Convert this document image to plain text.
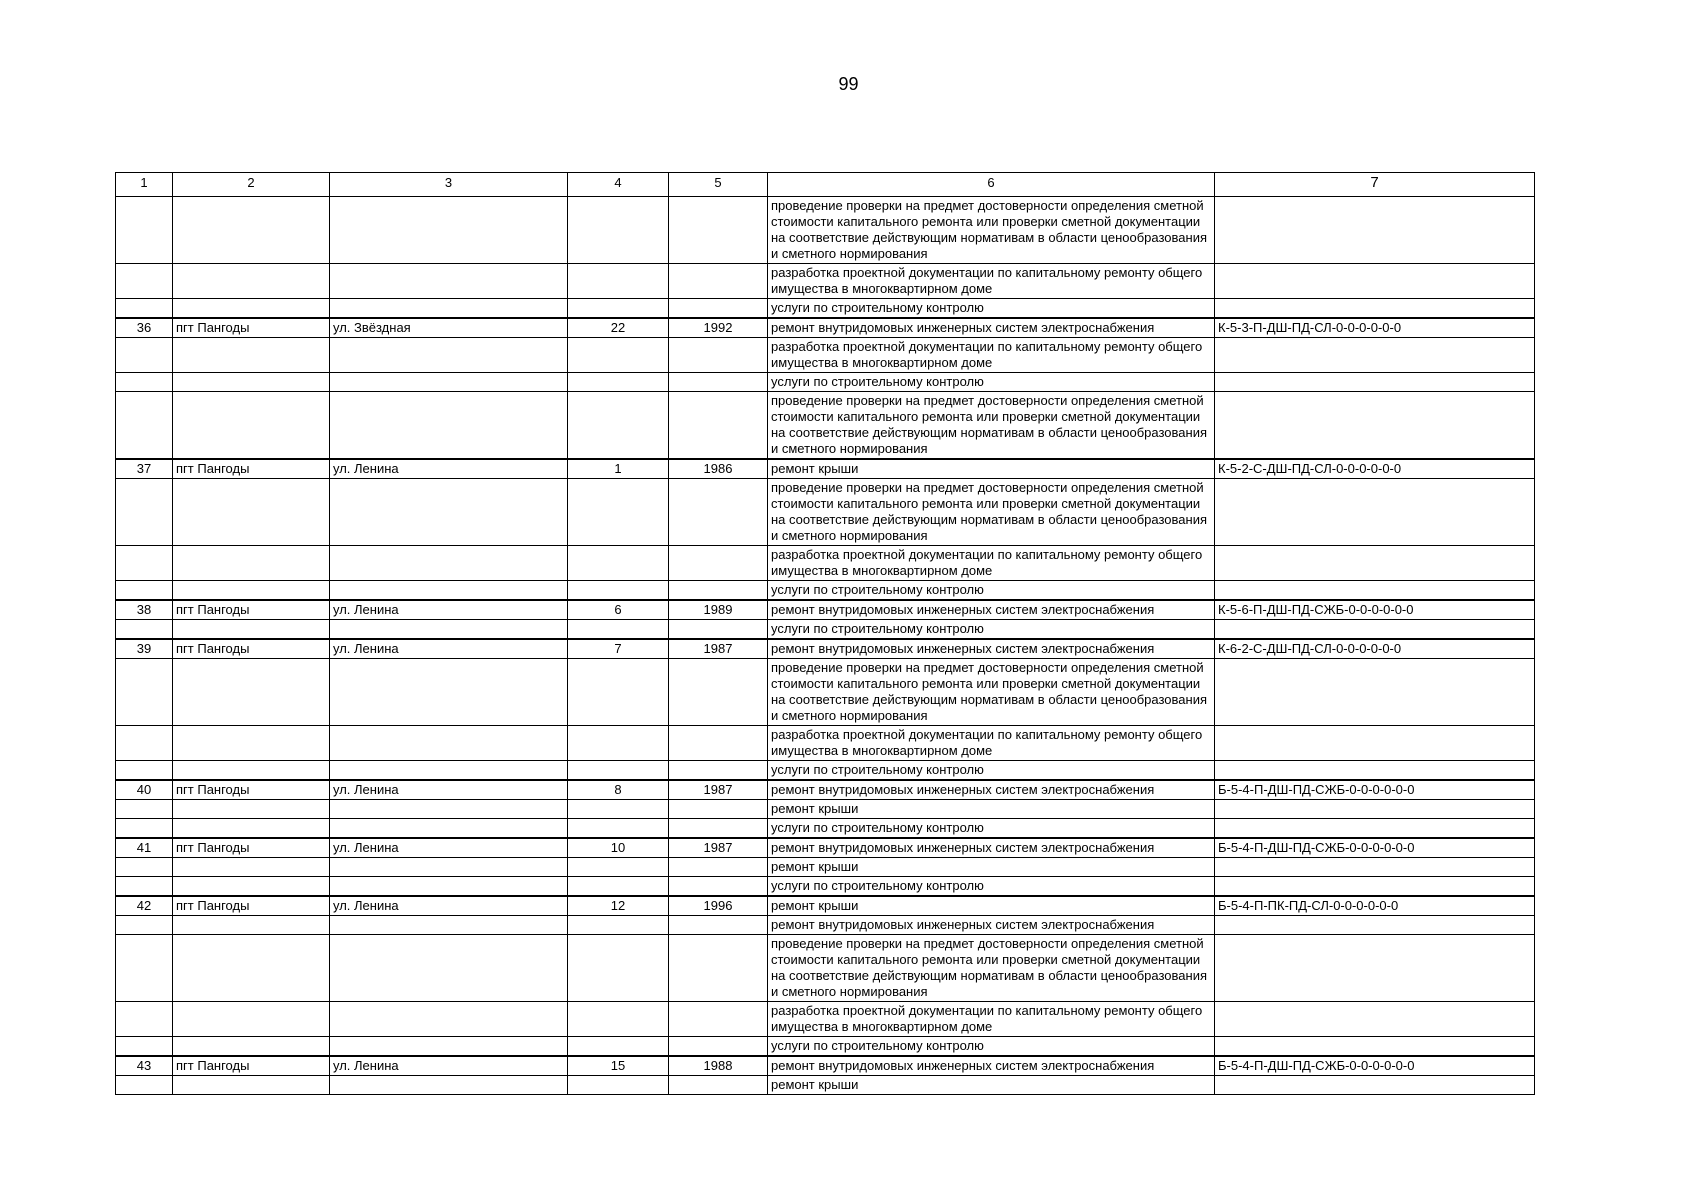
99
1	2	3	4	5	6	7
					проведение проверки на предмет достоверности определения сметной стоимости капитального ремонта или проверки сметной документации на соответствие действующим нормативам в области ценообразования и сметного нормирования	
					разработка проектной документации по капитальному ремонту общего имущества в многоквартирном доме	
					услуги по строительному контролю	
36	пгт Пангоды	ул. Звёздная	22	1992	ремонт внутридомовых инженерных систем электроснабжения	К-5-3-П-ДШ-ПД-СЛ-0-0-0-0-0-0
					разработка проектной документации по капитальному ремонту общего имущества в многоквартирном доме	
					услуги по строительному контролю	
					проведение проверки на предмет достоверности определения сметной стоимости капитального ремонта или проверки сметной документации на соответствие действующим нормативам в области ценообразования и сметного нормирования	
37	пгт Пангоды	ул. Ленина	1	1986	ремонт крыши	К-5-2-С-ДШ-ПД-СЛ-0-0-0-0-0-0
					проведение проверки на предмет достоверности определения сметной стоимости капитального ремонта или проверки сметной документации на соответствие действующим нормативам в области ценообразования и сметного нормирования	
					разработка проектной документации по капитальному ремонту общего имущества в многоквартирном доме	
					услуги по строительному контролю	
38	пгт Пангоды	ул. Ленина	6	1989	ремонт внутридомовых инженерных систем электроснабжения	К-5-6-П-ДШ-ПД-СЖБ-0-0-0-0-0-0
					услуги по строительному контролю	
39	пгт Пангоды	ул. Ленина	7	1987	ремонт внутридомовых инженерных систем электроснабжения	К-6-2-С-ДШ-ПД-СЛ-0-0-0-0-0-0
					проведение проверки на предмет достоверности определения сметной стоимости капитального ремонта или проверки сметной документации на соответствие действующим нормативам в области ценообразования и сметного нормирования	
					разработка проектной документации по капитальному ремонту общего имущества в многоквартирном доме	
					услуги по строительному контролю	
40	пгт Пангоды	ул. Ленина	8	1987	ремонт внутридомовых инженерных систем электроснабжения	Б-5-4-П-ДШ-ПД-СЖБ-0-0-0-0-0-0
					ремонт крыши	
					услуги по строительному контролю	
41	пгт Пангоды	ул. Ленина	10	1987	ремонт внутридомовых инженерных систем электроснабжения	Б-5-4-П-ДШ-ПД-СЖБ-0-0-0-0-0-0
					ремонт крыши	
					услуги по строительному контролю	
42	пгт Пангоды	ул. Ленина	12	1996	ремонт крыши	Б-5-4-П-ПК-ПД-СЛ-0-0-0-0-0-0
					ремонт внутридомовых инженерных систем электроснабжения	
					проведение проверки на предмет достоверности определения сметной стоимости капитального ремонта или проверки сметной документации на соответствие действующим нормативам в области ценообразования и сметного нормирования	
					разработка проектной документации по капитальному ремонту общего имущества в многоквартирном доме	
					услуги по строительному контролю	
43	пгт Пангоды	ул. Ленина	15	1988	ремонт внутридомовых инженерных систем электроснабжения	Б-5-4-П-ДШ-ПД-СЖБ-0-0-0-0-0-0
					ремонт крыши	
